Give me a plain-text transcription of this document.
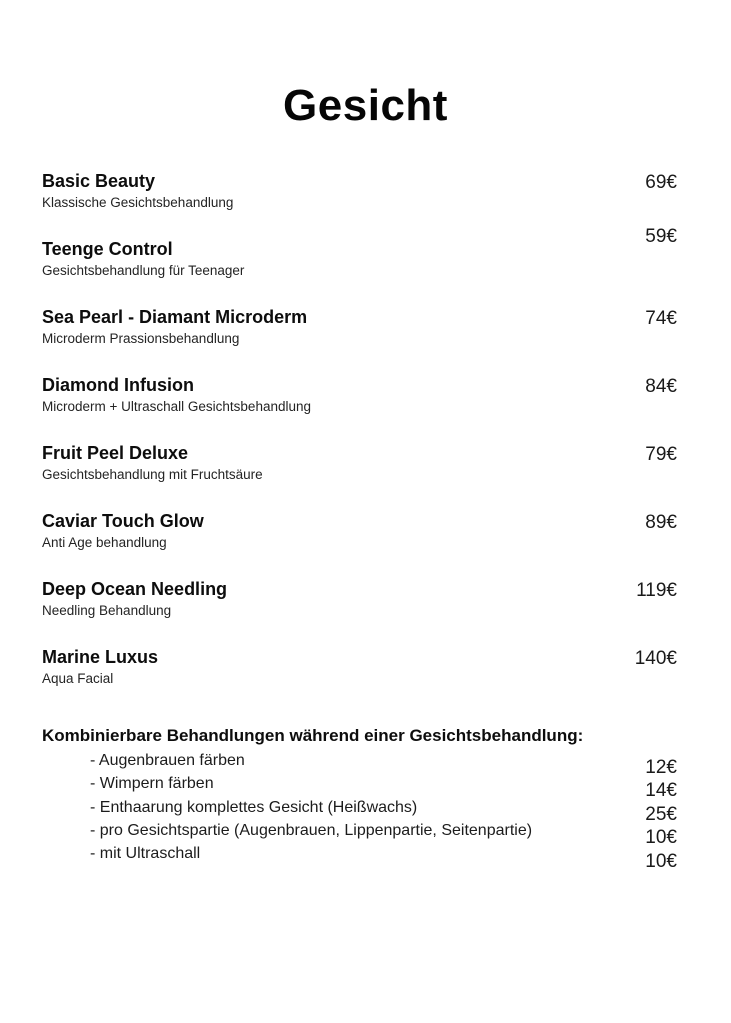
Gesicht
Basic Beauty
Klassische Gesichtsbehandlung
69€
Teenge Control
Gesichtsbehandlung für Teenager
59€
Sea Pearl - Diamant Microderm
Microderm Prassionsbehandlung
74€
Diamond Infusion
Microderm + Ultraschall Gesichtsbehandlung
84€
Fruit Peel Deluxe
Gesichtsbehandlung mit Fruchtsäure
79€
Caviar Touch Glow
Anti Age behandlung
89€
Deep Ocean Needling
Needling Behandlung
119€
Marine Luxus
Aqua Facial
140€
Kombinierbare Behandlungen während einer Gesichtsbehandlung:
- Augenbrauen färben
- Wimpern färben
- Enthaarung komplettes Gesicht (Heißwachs)
- pro Gesichtspartie (Augenbrauen, Lippenpartie, Seitenpartie)
- mit Ultraschall
12€
14€
25€
10€
10€
